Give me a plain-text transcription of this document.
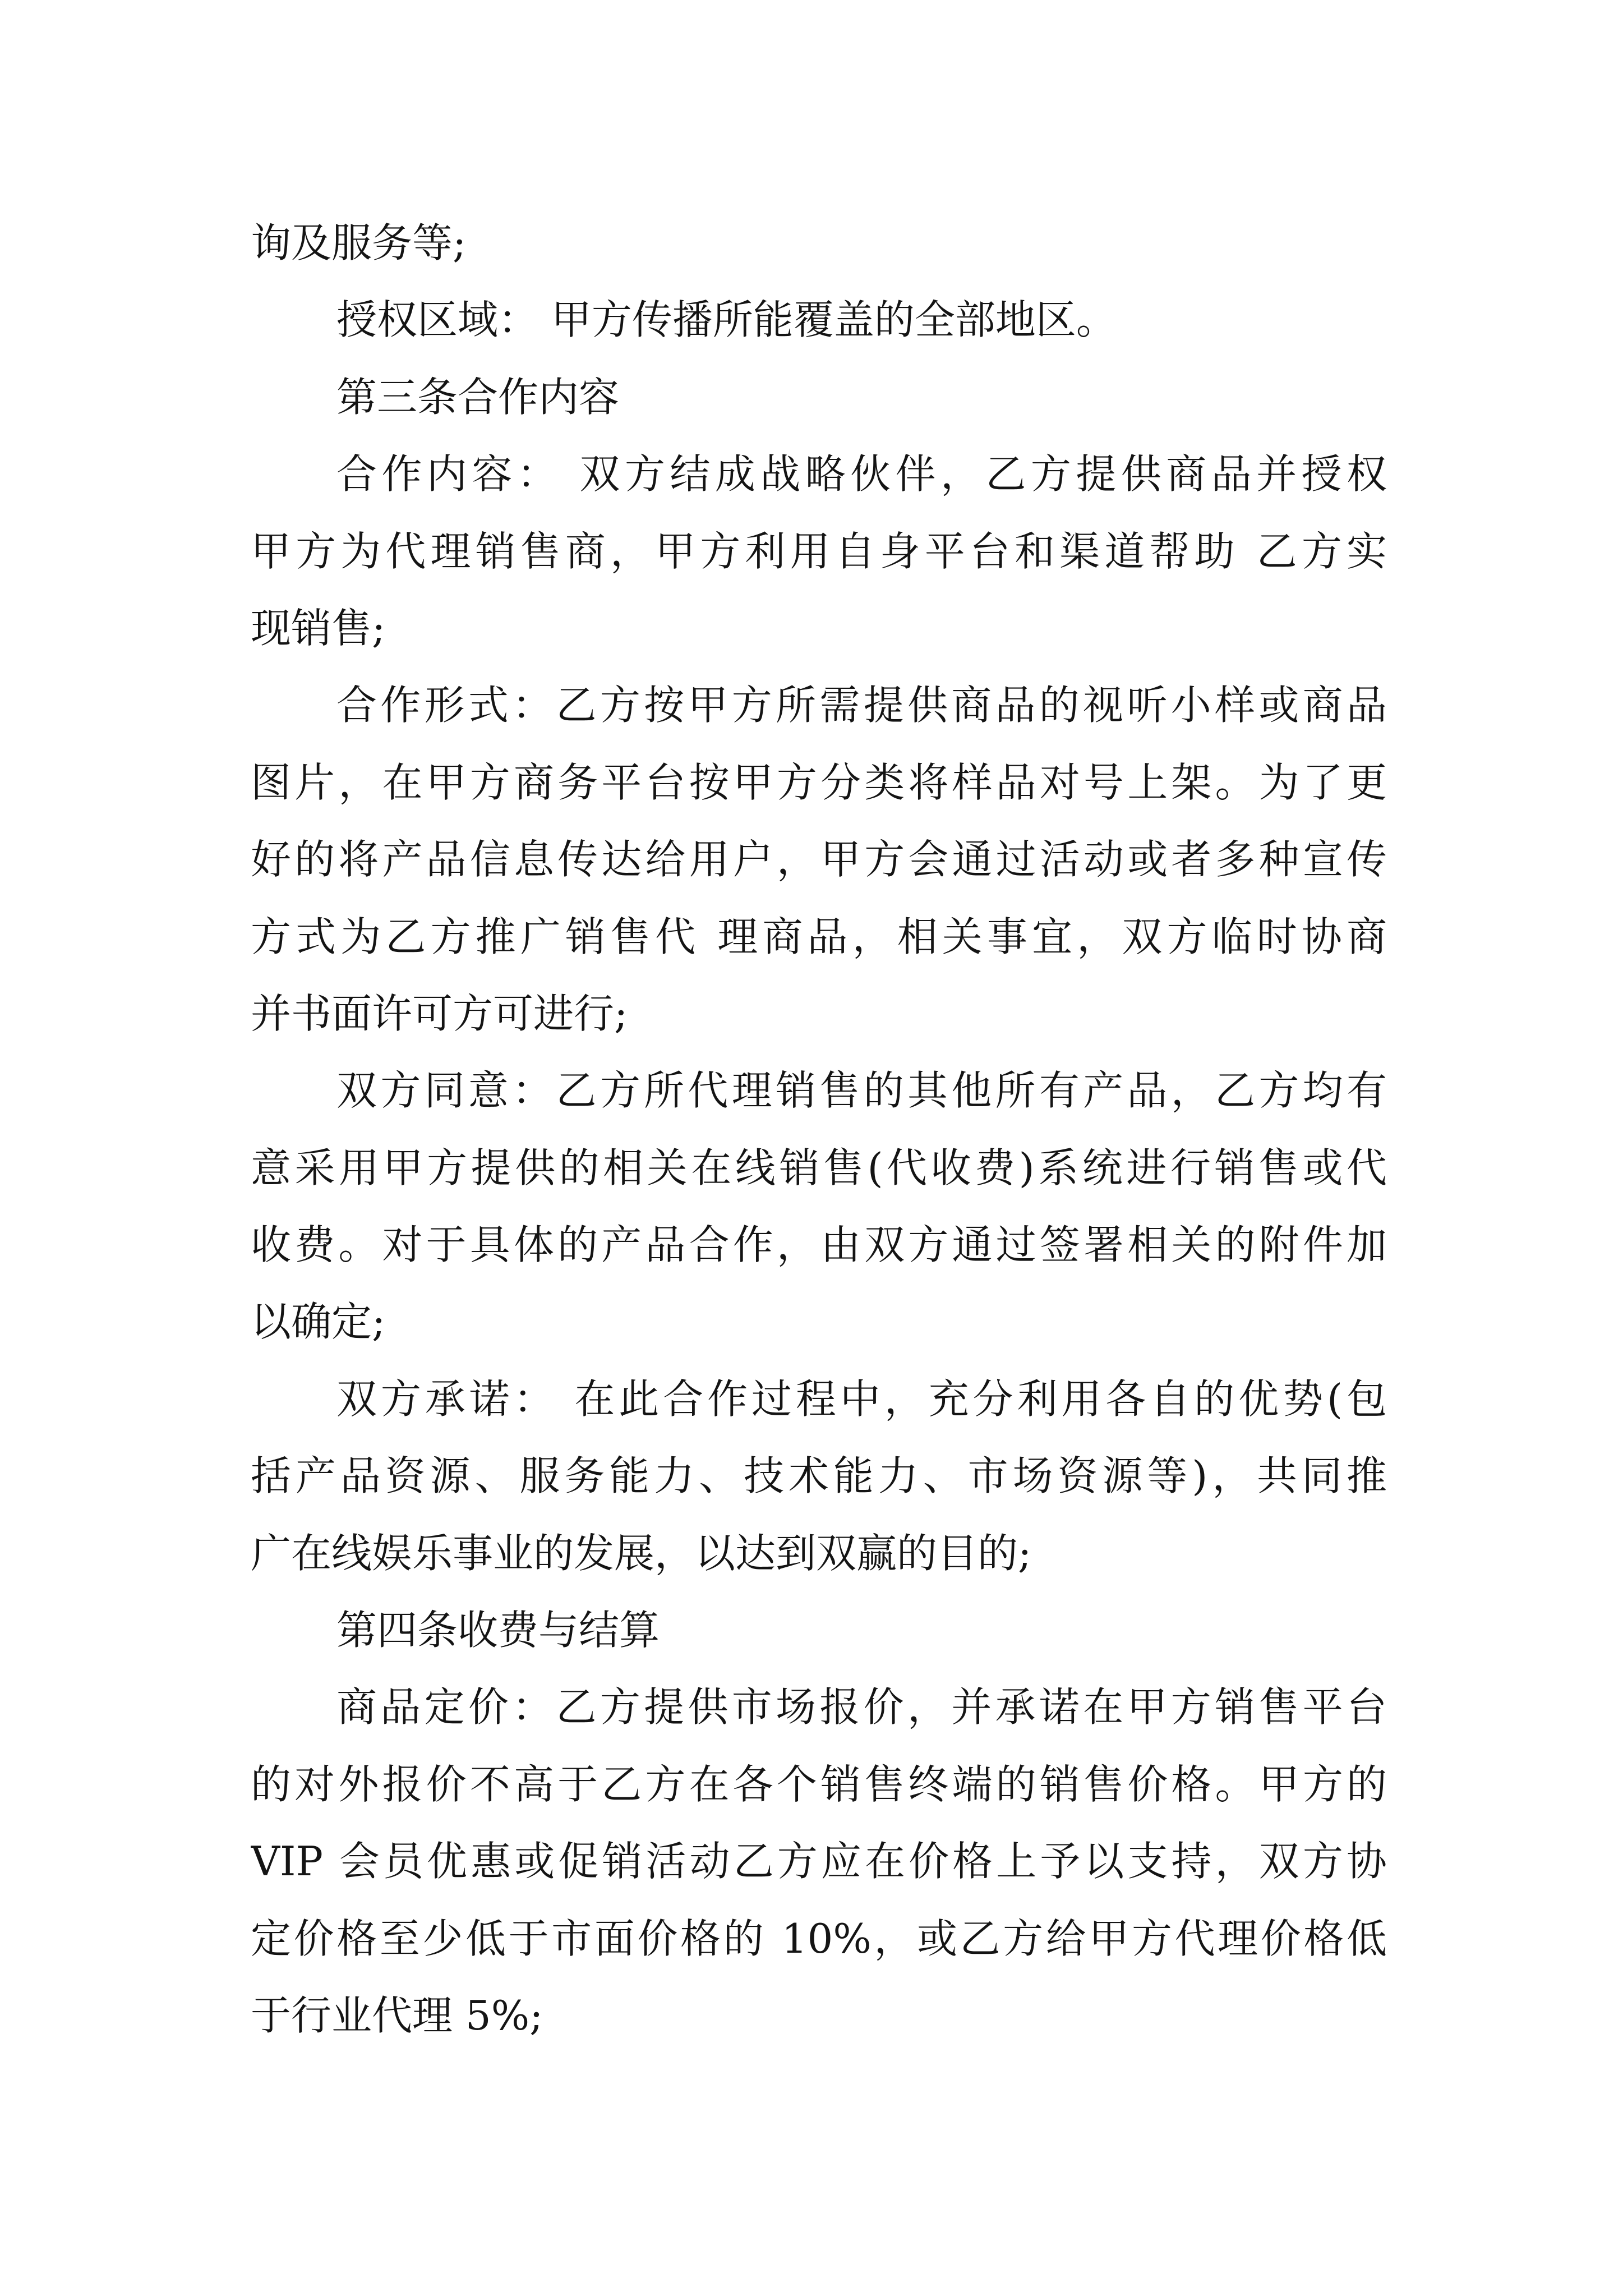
询及服务等;
授权区域： 甲方传播所能覆盖的全部地区。
第三条合作内容
合作内容： 双方结成战略伙伴，乙方提供商品并授权
甲方为代理销售商，甲方利用自身平台和渠道帮助 乙方实
现销售;
合作形式：乙方按甲方所需提供商品的视听小样或商品
图片，在甲方商务平台按甲方分类将样品对号上架。为了更
好的将产品信息传达给用户，甲方会通过活动或者多种宣传
方式为乙方推广销售代 理商品，相关事宜，双方临时协商
并书面许可方可进行;
双方同意：乙方所代理销售的其他所有产品，乙方均有
意采用甲方提供的相关在线销售(代收费)系统进行销售或代
收费。对于具体的产品合作，由双方通过签署相关的附件加
以确定;
双方承诺： 在此合作过程中，充分利用各自的优势(包
括产品资源、服务能力、技术能力、市场资源等)，共同推
广在线娱乐事业的发展，以达到双赢的目的;
第四条收费与结算
商品定价：乙方提供市场报价，并承诺在甲方销售平台
的对外报价不高于乙方在各个销售终端的销售价格。甲方的
VIP 会员优惠或促销活动乙方应在价格上予以支持，双方协
定价格至少低于市面价格的 10%，或乙方给甲方代理价格低
于行业代理 5%;
